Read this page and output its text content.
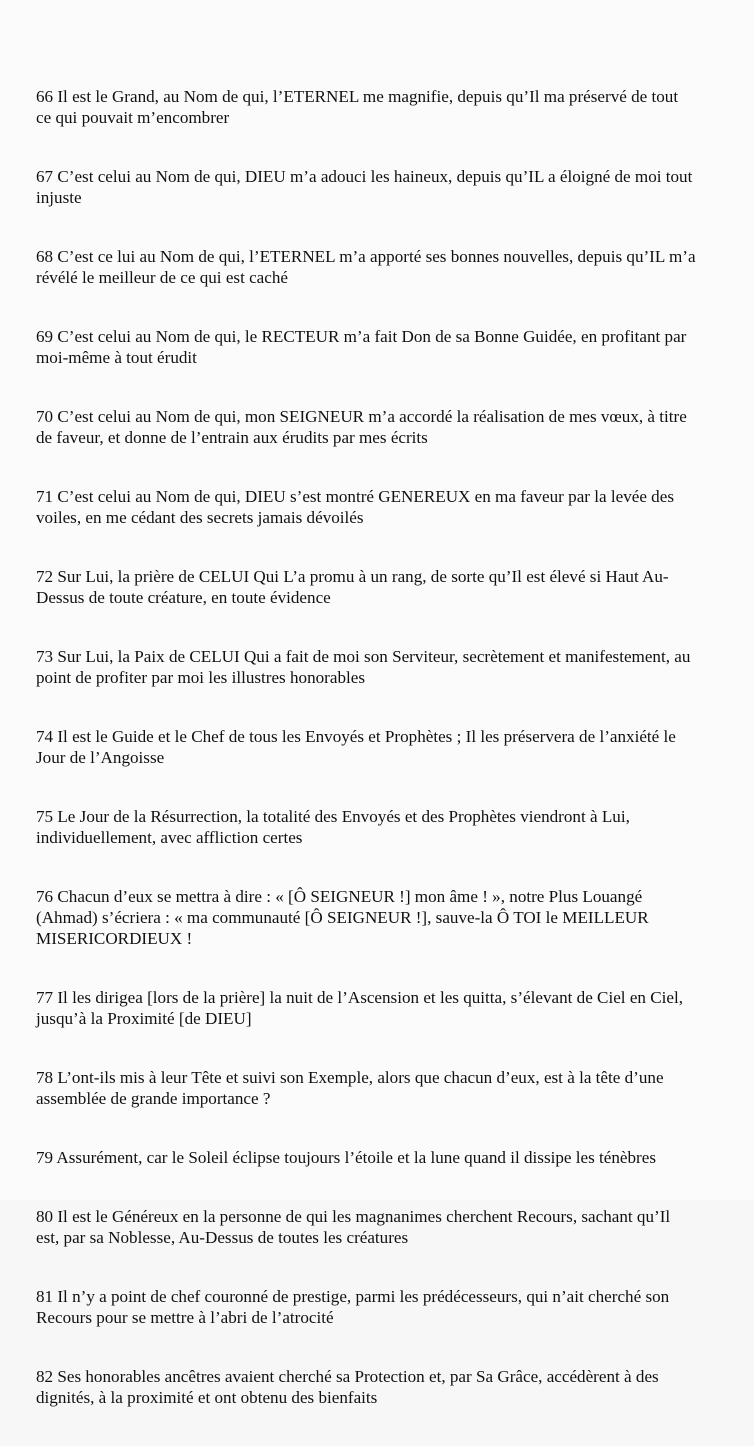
66 Il est le Grand, au Nom de qui, l’ETERNEL me magnifie, depuis qu’Il ma préservé de tout ce qui pouvait m’encombrer

67 C’est celui au Nom de qui, DIEU m’a adouci les haineux, depuis qu’IL a éloigné de moi tout injuste

68 C’est ce lui au Nom de qui, l’ETERNEL m’a apporté ses bonnes nouvelles, depuis qu’IL m’a révélé le meilleur de ce qui est caché

69 C’est celui au Nom de qui, le RECTEUR m’a fait Don de sa Bonne Guidée, en profitant par moi-même à tout érudit

70 C’est celui au Nom de qui, mon SEIGNEUR m’a accordé la réalisation de mes vœux, à titre de faveur, et donne de l’entrain aux érudits par mes écrits

71 C’est celui au Nom de qui, DIEU s’est montré GENEREUX en ma faveur par la levée des voiles, en me cédant des secrets jamais dévoilés

72 Sur Lui, la prière de CELUI Qui L’a promu à un rang, de sorte qu’Il est élevé si Haut Au-Dessus de toute créature, en toute évidence

73 Sur Lui, la Paix de CELUI Qui a fait de moi son Serviteur, secrètement et manifestement, au point de profiter par moi les illustres honorables

74 Il est le Guide et le Chef de tous les Envoyés et Prophètes ; Il les préservera de l’anxiété le Jour de l’Angoisse

75 Le Jour de la Résurrection, la totalité des Envoyés et des Prophètes viendront à Lui, individuellement, avec affliction certes

76 Chacun d’eux se mettra à dire : « [Ô SEIGNEUR !] mon âme ! », notre Plus Louangé (Ahmad) s’écriera : « ma communauté [Ô SEIGNEUR !], sauve-la Ô TOI le MEILLEUR MISERICORDIEUX !

77 Il les dirigea [lors de la prière] la nuit de l’Ascension et les quitta, s’élevant de Ciel en Ciel, jusqu’à la Proximité [de DIEU]

78 L’ont-ils mis à leur Tête et suivi son Exemple, alors que chacun d’eux, est à la tête d’une assemblée de grande importance ?

79 Assurément, car le Soleil éclipse toujours l’étoile et la lune quand il dissipe les ténèbres

80 Il est le Généreux en la personne de qui les magnanimes cherchent Recours, sachant qu’Il est, par sa Noblesse, Au-Dessus de toutes les créatures

81 Il n’y a point de chef couronné de prestige, parmi les prédécesseurs, qui n’ait cherché son Recours pour se mettre à l’abri de l’atrocité

82 Ses honorables ancêtres avaient cherché sa Protection et, par Sa Grâce, accédèrent à des dignités, à la proximité et ont obtenu des bienfaits
